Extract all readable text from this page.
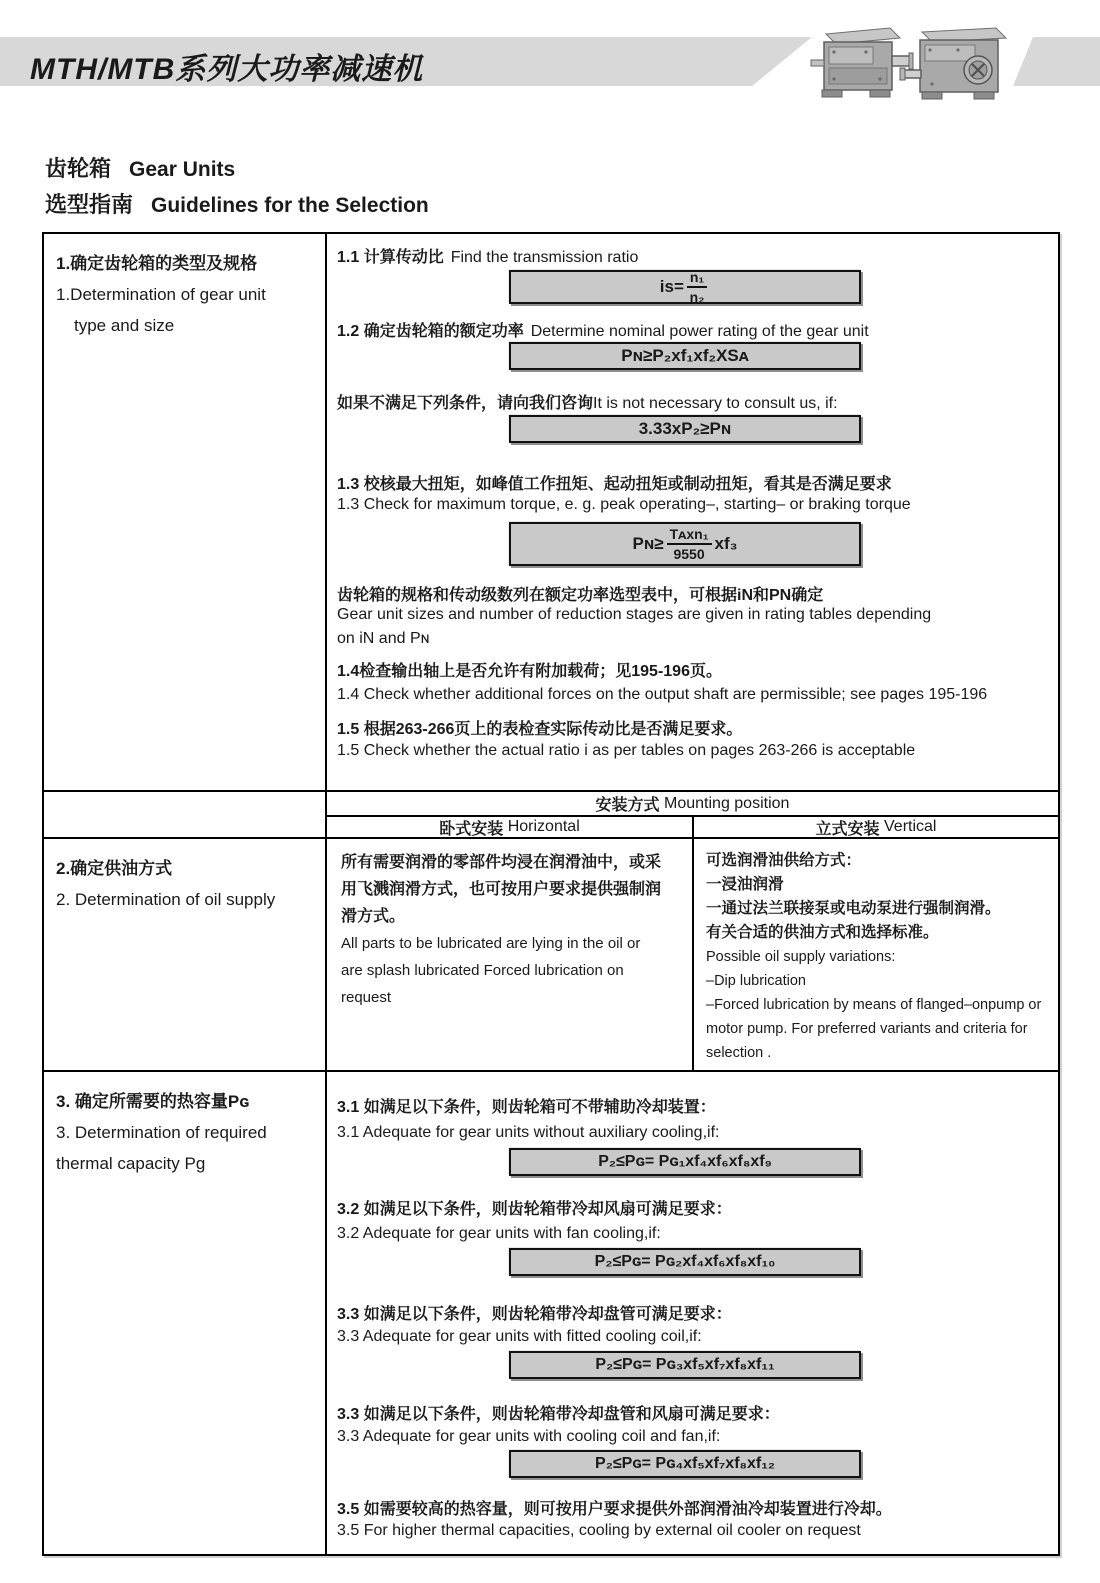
MTH/MTB系列大功率减速机
齿轮箱 Gear Units
选型指南 Guidelines for the Selection
1.确定齿轮箱的类型及规格
1.Determination of gear unit
type and size
1.1 计算传动比 Find the transmission ratio
$is= \frac{\text{n₁}}{\text{n₂}}$
1.2 确定齿轮箱的额定功率 Determine nominal power rating of the gear unit
Pɴ≥P₂xf₁xf₂XSᴀ
如果不满足下列条件，请向我们咨询It is not necessary to consult us, if:
3.33xP₂≥Pɴ
1.3 校核最大扭矩，如峰值工作扭矩、起动扭矩或制动扭矩，看其是否满足要求
1.3 Check for maximum torque, e. g. peak operating–, starting– or braking torque
Pɴ≥ $\frac{\text{Tᴀxn₁}}{9550} xf_3$
齿轮箱的规格和传动级数列在额定功率选型表中，可根据iN和PN确定
Gear unit sizes and number of reduction stages are given in rating tables depending
on iN and Pɴ
1.4检查输出轴上是否允许有附加载荷；见195-196页。
1.4 Check whether additional forces on the output shaft are permissible; see pages 195-196
1.5 根据263-266页上的表检查实际传动比是否满足要求。
1.5 Check whether the actual ratio i as per tables on pages 263-266 is acceptable
安装方式
Mounting position
卧式安装
Horizontal	立式安装
Vertical
2.确定供油方式
2. Determination of oil supply
所有需要润滑的零部件均浸在润滑油中，或采
用飞溅润滑方式，也可按用户要求提供强制润
滑方式。
All parts to be lubricated are lying in the oil or
are splash lubricated Forced lubrication on
request
可选润滑油供给方式：
一浸油润滑
一通过法兰联接泵或电动泵进行强制润滑。
有关合适的供油方式和选择标准。
Possible oil supply variations:
–Dip lubrication
–Forced lubrication by means of flanged–onpump or
motor pump. For preferred variants and criteria for
selection .
3. 确定所需要的热容量Pɢ
3. Determination of required
thermal capacity Pg
3.1 如满足以下条件，则齿轮箱可不带辅助冷却装置：
3.1 Adequate for gear units without auxiliary cooling,if:
P₂≤Pɢ= Pɢ₁xf₄xf₆xf₈xf₉
3.2 如满足以下条件，则齿轮箱带冷却风扇可满足要求：
3.2 Adequate for gear units with fan cooling,if:
P₂≤Pɢ= Pɢ₂xf₄xf₆xf₈xf₁₀
3.3 如满足以下条件，则齿轮箱带冷却盘管可满足要求：
3.3 Adequate for gear units with fitted cooling coil,if:
P₂≤Pɢ= Pɢ₃xf₅xf₇xf₈xf₁₁
3.3 如满足以下条件，则齿轮箱带冷却盘管和风扇可满足要求：
3.3 Adequate for gear units with cooling coil and fan,if:
P₂≤Pɢ= Pɢ₄xf₅xf₇xf₈xf₁₂
3.5 如需要较高的热容量，则可按用户要求提供外部润滑油冷却装置进行冷却。
3.5 For higher thermal capacities, cooling by external oil cooler on request
